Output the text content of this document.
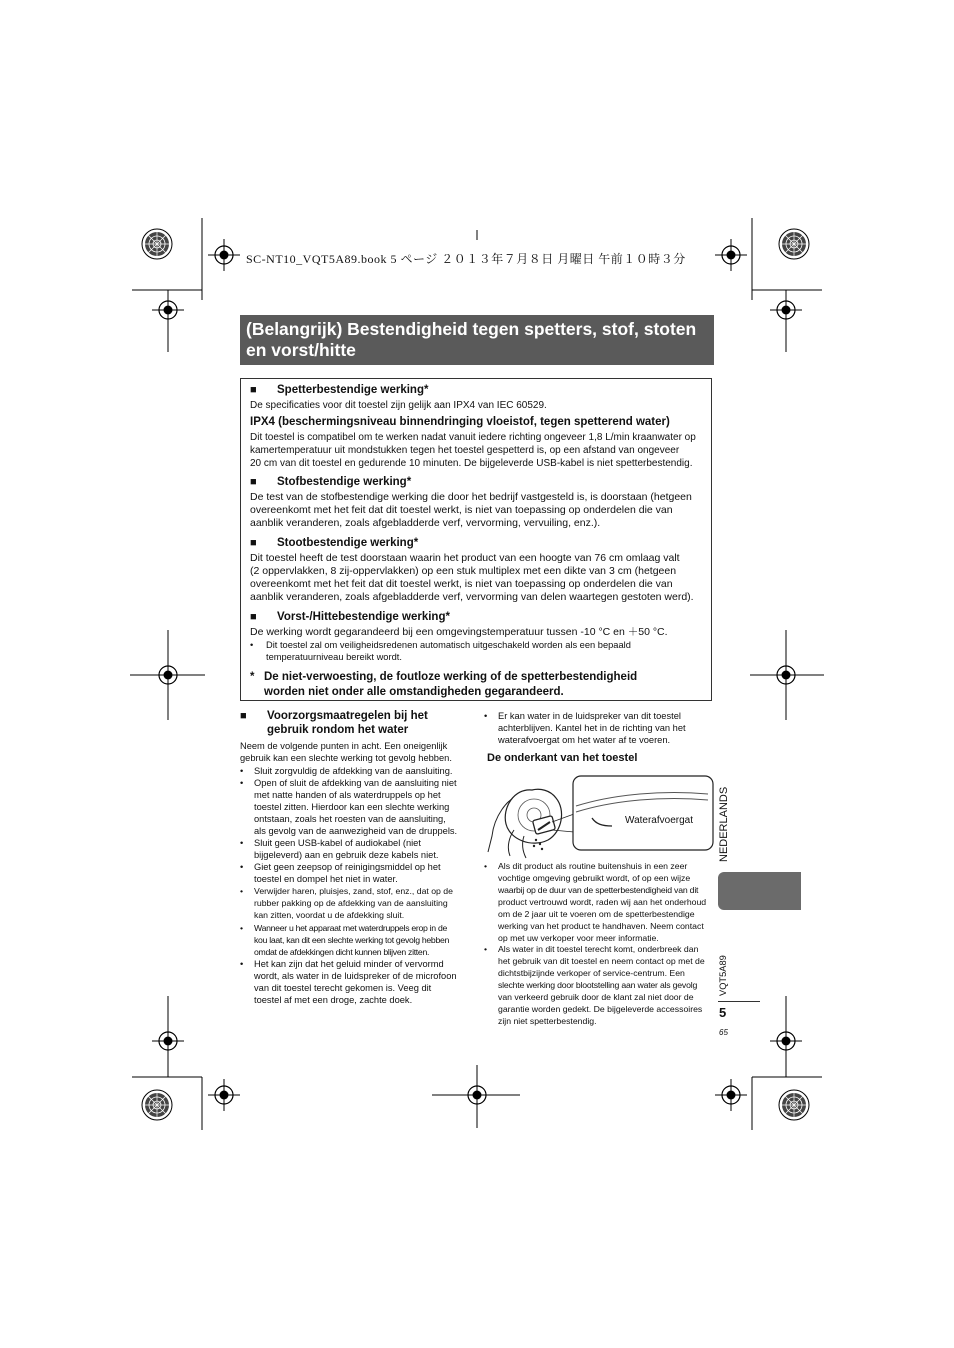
SC-NT10_VQT5A89.book 5 ページ ２０１３年７月８日 月曜日 午前１０時３分
(Belangrijk) Bestendigheid tegen spetters, stof, stoten
en vorst/hitte
■ Spetterbestendige werking*
De specificaties voor dit toestel zijn gelijk aan IPX4 van IEC 60529.
IPX4 (beschermingsniveau binnendringing vloeistof, tegen spetterend water)
Dit toestel is compatibel om te werken nadat vanuit iedere richting ongeveer 1,8 L/min kraanwater op
kamertemperatuur uit mondstukken tegen het toestel gespetterd is, op een afstand van ongeveer
20 cm van dit toestel en gedurende 10 minuten. De bijgeleverde USB-kabel is niet spetterbestendig.
■ Stofbestendige werking*
De test van de stofbestendige werking die door het bedrijf vastgesteld is, is doorstaan (hetgeen
overeenkomt met het feit dat dit toestel werkt, is niet van toepassing op onderdelen die van
aanblik veranderen, zoals afgebladderde verf, vervorming, vervuiling, enz.).
■ Stootbestendige werking*
Dit toestel heeft de test doorstaan waarin het product van een hoogte van 76 cm omlaag valt
(2 oppervlakken, 8 zij-oppervlakken) op een stuk multiplex met een dikte van 3 cm (hetgeen
overeenkomt met het feit dat dit toestel werkt, is niet van toepassing op onderdelen die van
aanblik veranderen, zoals afgebladderde verf, vervorming van delen waartegen gestoten werd).
■ Vorst-/Hittebestendige werking*
De werking wordt gegarandeerd bij een omgevingstemperatuur tussen -10 °C en ＋50 °C.
• Dit toestel zal om veiligheidsredenen automatisch uitgeschakeld worden als een bepaald
temperatuurniveau bereikt wordt.
* De niet-verwoesting, de foutloze werking of de spetterbestendigheid
worden niet onder alle omstandigheden gegarandeerd.
■ Voorzorgsmaatregelen bij het
gebruik rondom het water
Neem de volgende punten in acht. Een oneigenlijk
gebruik kan een slechte werking tot gevolg hebben.
• Sluit zorgvuldig de afdekking van de aansluiting.
• Open of sluit de afdekking van de aansluiting niet
met natte handen of als waterdruppels op het
toestel zitten. Hierdoor kan een slechte werking
ontstaan, zoals het roesten van de aansluiting,
als gevolg van de aanwezigheid van de druppels.
• Sluit geen USB-kabel of audiokabel (niet
bijgeleverd) aan en gebruik deze kabels niet.
• Giet geen zeepsop of reinigingsmiddel op het
toestel en dompel het niet in water.
• Verwijder haren, pluisjes, zand, stof, enz., dat op de
rubber pakking op de afdekking van de aansluiting
kan zitten, voordat u de afdekking sluit.
• Wanneer u het apparaat met waterdruppels erop in de
kou laat, kan dit een slechte werking tot gevolg hebben
omdat de afdekkingen dicht kunnen blijven zitten.
• Het kan zijn dat het geluid minder of vervormd
wordt, als water in de luidspreker of de microfoon
van dit toestel terecht gekomen is. Veeg dit
toestel af met een droge, zachte doek.
• Er kan water in de luidspreker van dit toestel
achterblijven. Kantel het in de richting van het
waterafvoergat om het water af te voeren.
De onderkant van het toestel
Waterafvoergat
• Als dit product als routine buitenshuis in een zeer
vochtige omgeving gebruikt wordt, of op een wijze
waarbij op de duur van de spetterbestendigheid van dit
product vertrouwd wordt, raden wij aan het onderhoud
om de 2 jaar uit te voeren om de spetterbestendige
werking van het product te handhaven. Neem contact
op met uw verkoper voor meer informatie.
• Als water in dit toestel terecht komt, onderbreek dan
het gebruik van dit toestel en neem contact op met de
dichtstbijzijnde verkoper of service-centrum. Een
slechte werking door blootstelling aan water als gevolg
van verkeerd gebruik door de klant zal niet door de
garantie worden gedekt. De bijgeleverde accessoires
zijn niet spetterbestendig.
NEDERLANDS
VQT5A89
5
65
